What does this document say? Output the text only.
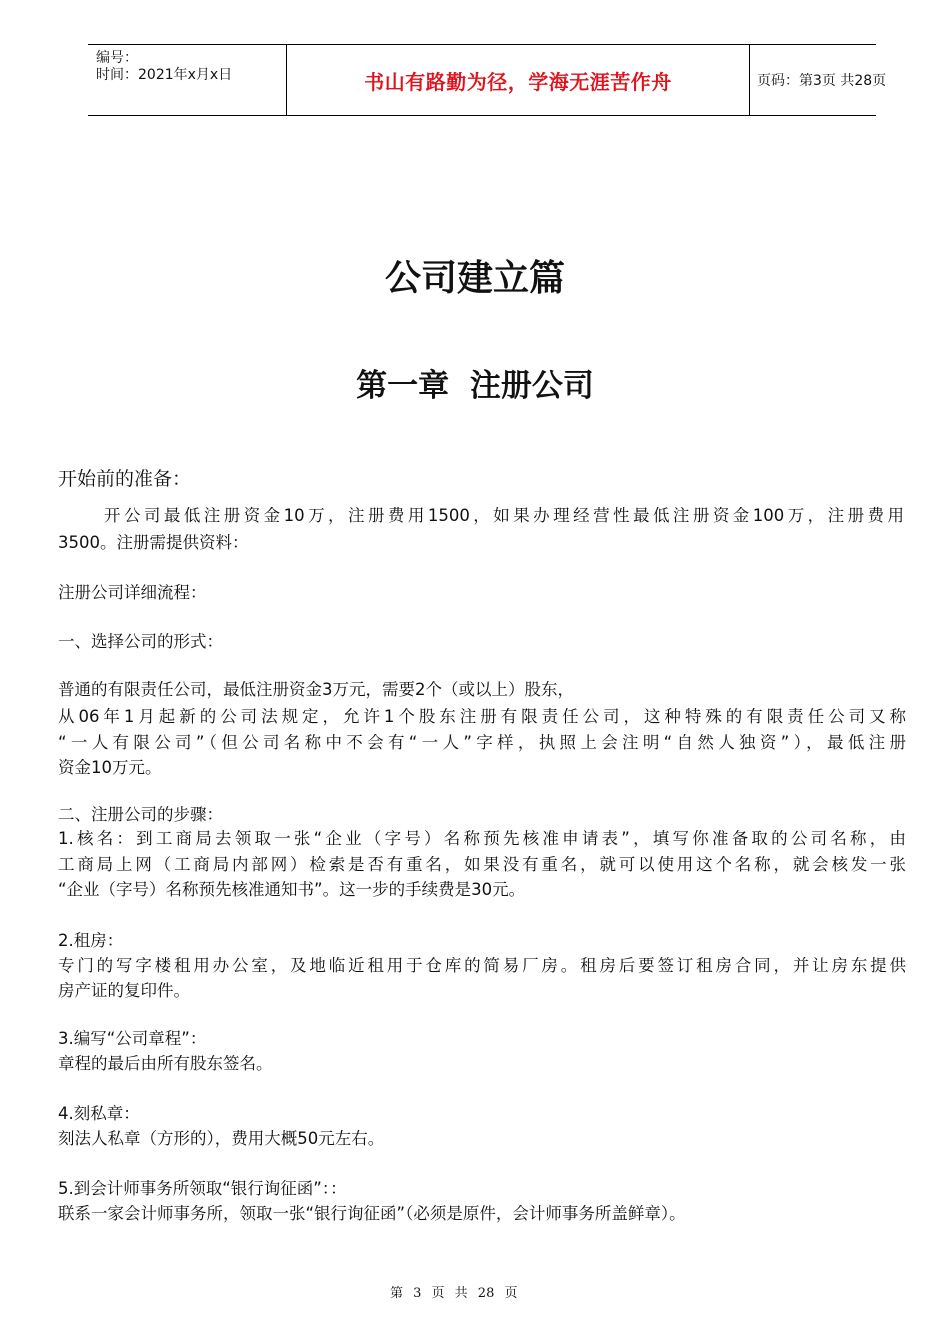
编号：
时间：2021年x月x日	书山有路勤为径，学海无涯苦作舟	页码：第3页 共28页
公司建立篇
第一章 注册公司
开始前的准备：
开公司最低注册资金10万，注册费用1500，如果办理经营性最低注册资金100万，注册费用
3500。注册需提供资料：
注册公司详细流程：
一、选择公司的形式：
普通的有限责任公司，最低注册资金3万元，需要2个（或以上）股东，
从06年1月起新的公司法规定，允许1个股东注册有限责任公司，这种特殊的有限责任公司又称
“一人有限公司”（但公司名称中不会有“一人”字样，执照上会注明“自然人独资”），最低注册
资金10万元。
二、注册公司的步骤：
1.核名：到工商局去领取一张“企业（字号）名称预先核准申请表”，填写你准备取的公司名称，由
工商局上网（工商局内部网）检索是否有重名，如果没有重名，就可以使用这个名称，就会核发一张
“企业（字号）名称预先核准通知书”。这一步的手续费是30元。
2.租房：
专门的写字楼租用办公室，及地临近租用于仓库的简易厂房。租房后要签订租房合同，并让房东提供
房产证的复印件。
3.编写“公司章程”：
章程的最后由所有股东签名。
4.刻私章：
刻法人私章（方形的），费用大概50元左右。
5.到会计师事务所领取“银行询征函”：：
联系一家会计师事务所，领取一张“银行询征函”（必须是原件，会计师事务所盖鲜章）。
第 3 页 共 28 页
